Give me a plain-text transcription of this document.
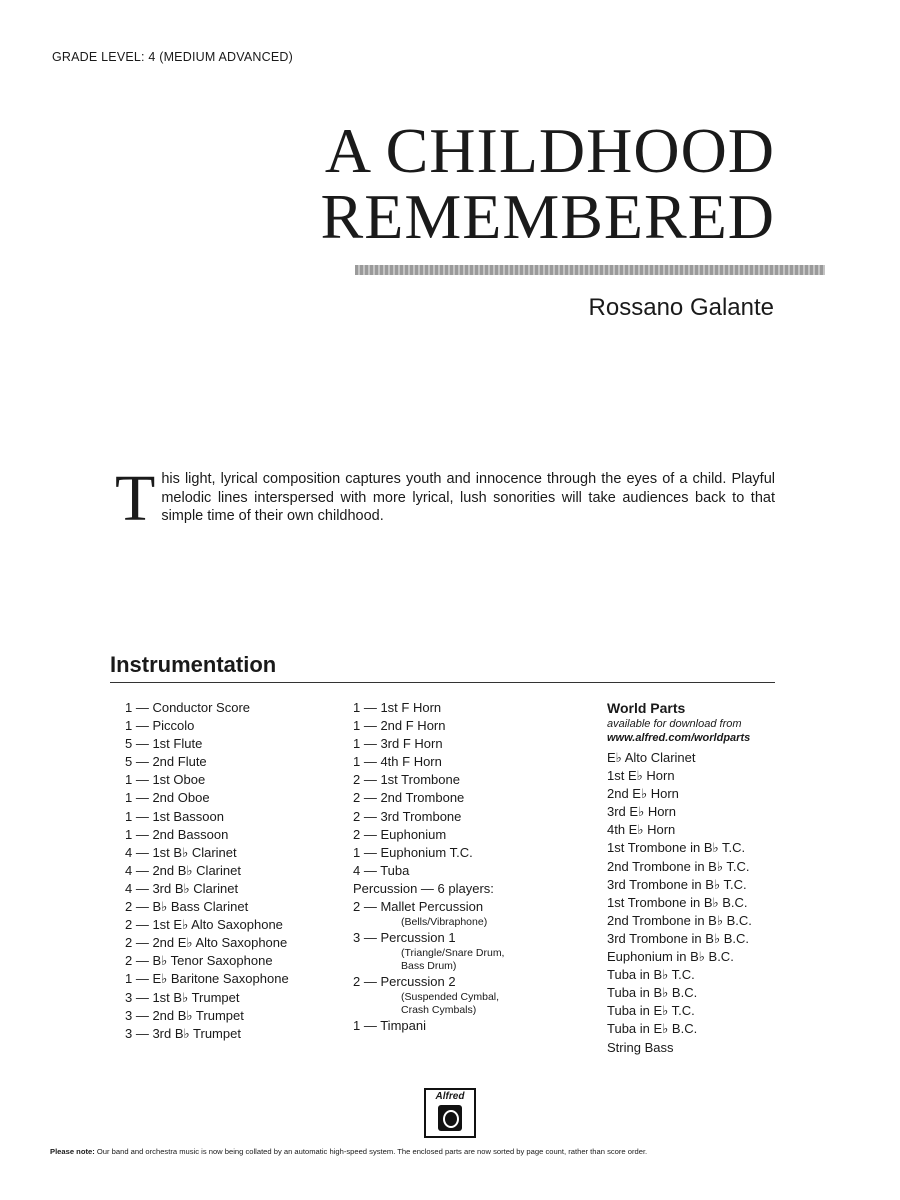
GRADE LEVEL: 4 (MEDIUM ADVANCED)
A CHILDHOOD
REMEMBERED
Rossano Galante
T his light, lyrical composition captures youth and innocence through the eyes of a child. Playful melodic lines interspersed with more lyrical, lush sonorities will take audiences back to that simple time of their own childhood.
Instrumentation
1 — Conductor Score
1 — Piccolo
5 — 1st Flute
5 — 2nd Flute
1 — 1st Oboe
1 — 2nd Oboe
1 — 1st Bassoon
1 — 2nd Bassoon
4 — 1st B♭ Clarinet
4 — 2nd B♭ Clarinet
4 — 3rd B♭ Clarinet
2 — B♭ Bass Clarinet
2 — 1st E♭ Alto Saxophone
2 — 2nd E♭ Alto Saxophone
2 — B♭ Tenor Saxophone
1 — E♭ Baritone Saxophone
3 — 1st B♭ Trumpet
3 — 2nd B♭ Trumpet
3 — 3rd B♭ Trumpet
1 — 1st F Horn
1 — 2nd F Horn
1 — 3rd F Horn
1 — 4th F Horn
2 — 1st Trombone
2 — 2nd Trombone
2 — 3rd Trombone
2 — Euphonium
1 — Euphonium T.C.
4 — Tuba
Percussion — 6 players:
2 — Mallet Percussion
(Bells/Vibraphone)
3 — Percussion 1
(Triangle/Snare Drum,
Bass Drum)
2 — Percussion 2
(Suspended Cymbal,
Crash Cymbals)
1 — Timpani
World Parts
available for download from
www.alfred.com/worldparts
E♭ Alto Clarinet
1st E♭ Horn
2nd E♭ Horn
3rd E♭ Horn
4th E♭ Horn
1st Trombone in B♭ T.C.
2nd Trombone in B♭ T.C.
3rd Trombone in B♭ T.C.
1st Trombone in B♭ B.C.
2nd Trombone in B♭ B.C.
3rd Trombone in B♭ B.C.
Euphonium in B♭ B.C.
Tuba in B♭ T.C.
Tuba in B♭ B.C.
Tuba in E♭ T.C.
Tuba in E♭ B.C.
String Bass
Alfred
Please note: Our band and orchestra music is now being collated by an automatic high-speed system. The enclosed parts are now sorted by page count, rather than score order.
